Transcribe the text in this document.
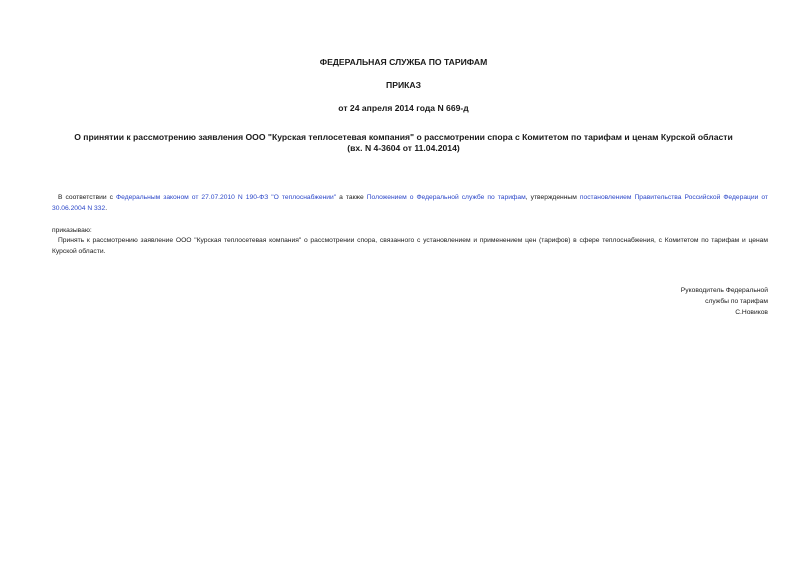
ФЕДЕРАЛЬНАЯ СЛУЖБА ПО ТАРИФАМ
ПРИКАЗ
от 24 апреля 2014 года N 669-д
О принятии к рассмотрению заявления ООО "Курская теплосетевая компания" о рассмотрении спора с Комитетом по тарифам и ценам Курской области
(вх. N 4-3604 от 11.04.2014)
В соответствии с Федеральным законом от 27.07.2010 N 190-ФЗ "О теплоснабжении" а также Положением о Федеральной службе по тарифам, утвержденным постановлением Правительства Российской Федерации от 30.06.2004 N 332.
приказываю:
Принять к рассмотрению заявление ООО "Курская теплосетевая компания" о рассмотрении спора, связанного с установлением и применением цен (тарифов) в сфере теплоснабжения, с Комитетом по тарифам и ценам Курской области.
Руководитель Федеральной
службы по тарифам
С.Новиков
